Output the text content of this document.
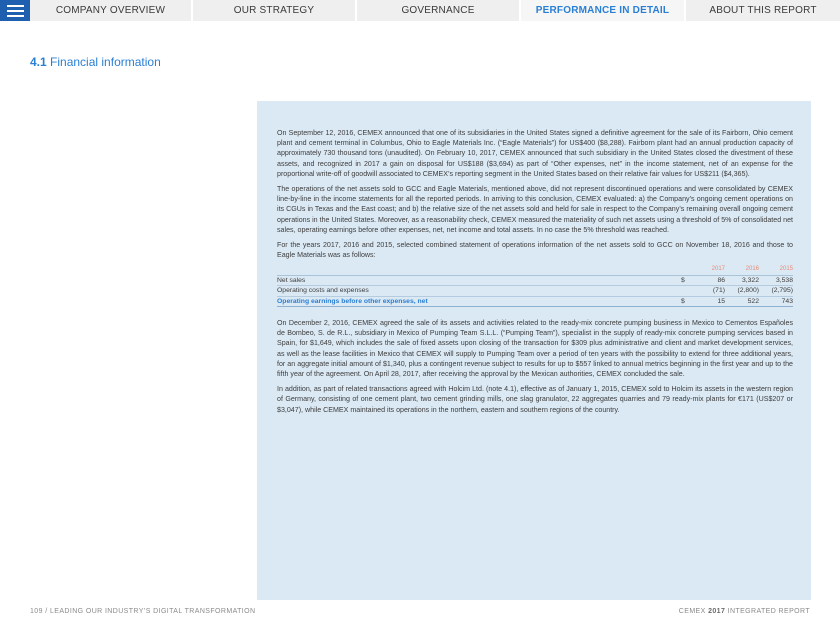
COMPANY OVERVIEW	OUR STRATEGY	GOVERNANCE	PERFORMANCE IN DETAIL	ABOUT THIS REPORT
4.1 Financial information

On September 12, 2016, CEMEX announced that one of its subsidiaries in the United States signed a definitive agreement for the sale of its Fairborn, Ohio cement plant and cement terminal in Columbus, Ohio to Eagle Materials Inc. (“Eagle Materials”) for US$400 ($8,288). Fairborn plant had an annual production capacity of approximately 730 thousand tons (unaudited). On February 10, 2017, CEMEX announced that such subsidiary in the United States closed the divestment of these assets, and recognized in 2017 a gain on disposal for US$188 ($3,694) as part of “Other expenses, net” in the income statement, net of an expense for the proportional write-off of goodwill associated to CEMEX’s reporting segment in the United States based on their relative fair values for US$211 ($4,365).

The operations of the net assets sold to GCC and Eagle Materials, mentioned above, did not represent discontinued operations and were consolidated by CEMEX line-by-line in the income statements for all the reported periods. In arriving to this conclusion, CEMEX evaluated: a) the Company’s ongoing cement operations on its CGUs in Texas and the East coast; and b) the relative size of the net assets sold and held for sale in respect to the Company’s remaining overall ongoing cement operations in the United States. Moreover, as a reasonability check, CEMEX measured the materiality of such net assets using a threshold of 5% of consolidated net sales, operating earnings before other expenses, net, net income and total assets. In no case the 5% threshold was reached.

For the years 2017, 2016 and 2015, selected combined statement of operations information of the net assets sold to GCC on November 18, 2016 and those to Eagle Materials was as follows:

		2017	2016	2015
Net sales	$	86	3,322	3,538
Operating costs and expenses		(71)	(2,800)	(2,795)
Operating earnings before other expenses, net	$	15	522	743

On December 2, 2016, CEMEX agreed the sale of its assets and activities related to the ready-mix concrete pumping business in Mexico to Cementos Españoles de Bombeo, S. de R.L., subsidiary in Mexico of Pumping Team S.L.L. (“Pumping Team”), specialist in the supply of ready-mix concrete pumping services based in Spain, for $1,649, which includes the sale of fixed assets upon closing of the transaction for $309 plus administrative and client and market development services, as well as the lease facilities in Mexico that CEMEX will supply to Pumping Team over a period of ten years with the possibility to extend for three additional years, for an aggregate initial amount of $1,340, plus a contingent revenue subject to results for up to $557 linked to annual metrics beginning in the first year and up to the fifth year of the agreement. On April 28, 2017, after receiving the approval by the Mexican authorities, CEMEX concluded the sale.

In addition, as part of related transactions agreed with Holcim Ltd. (note 4.1), effective as of January 1, 2015, CEMEX sold to Holcim its assets in the western region of Germany, consisting of one cement plant, two cement grinding mills, one slag granulator, 22 aggregates quarries and 79 ready-mix plants for €171 (US$207 or $3,047), while CEMEX maintained its operations in the northern, eastern and southern regions of the country.

109 / LEADING OUR INDUSTRY’S DIGITAL TRANSFORMATION	CEMEX 2017 INTEGRATED REPORT
